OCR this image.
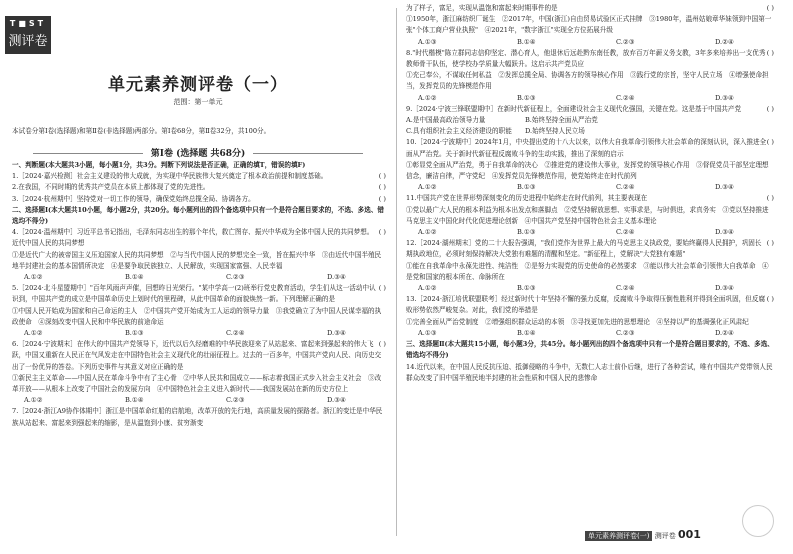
T■ST
测评卷
单元素养测评卷（一）
范围：第一单元
本试卷分第Ⅰ卷(选择题)和第Ⅱ卷(非选择题)两部分。第Ⅰ卷68分，第Ⅱ卷32分，共100分。
第Ⅰ卷 (选择题 共68分)

一、判断题(本大题共3小题，每小题1分，共3分。判断下列说法是否正确，正确的填T，错误的填F)

( )
1.［2024·嘉兴检测］社会主义建设的伟大成就，为实现中华民族伟大复兴奠定了根本政治前提和制度基础。

( )
2.在我国，不同时期的优秀共产党员在本质上都体现了党的先进性。

( )
3.［2024·杭州期中］坚持党对一切工作的领导，确保党始终总揽全局、协调各方。

二、选择题Ⅰ(本大题共10小题，每小题2分，共20分。每小题列出的四个备选项中只有一个是符合题目要求的，不选、多选、错选均不得分)

( )
4.［2024·温州期中］习近平总书记指出，毛泽东同志出生的那个年代，救亡图存、振兴中华成为全体中国人民的共同梦想。近代中国人民的共同梦想

①是近代广大的被帝国主义压迫国家人民的共同梦想　②与当代中国人民的梦想完全一致，旨在振兴中华　③由近代中国半殖民地半封建社会的基本国情所决定　④是要争取民族独立、人民解放，实现国家富强、人民幸福

A.①②	B.①④	C.②③	D.③④

( )
5.［2024·北斗星盟期中］"百年风雨声声催，回想昨日光荣行。"某中学高一(2)班举行党史教育活动，学生们从这一活动中认识到，中国共产党的成立是中国革命历史上划时代的里程碑，从此中国革命的面貌焕然一新。下列理解正确的是

①中国人民开始成为国家和自己命运的主人　②中国共产党开始成为工人运动的领导力量　③我党确立了为中国人民谋幸福的执政使命　④深刻改变中国人民和中华民族的前途命运

A.①②	B.①③	C.②④	D.③④

( )
6.［2024·宁波期末］在伟大的中国共产党领导下，近代以后久经磨难的中华民族迎来了从站起来、富起来到强起来的伟大飞跃，中国又重新在人民正在气风发走在中国特色社会主义现代化的壮丽征程上。过去的一百多年，中国共产党向人民、向历史交出了一份优异的答卷。下列历史事件与其意义对应正确的是

①新民主主义革命——中国人民在革命斗争中有了主心骨　②中华人民共和国成立——标志着我国正式步入社会主义社会　③改革开放——从根本上改变了中国社会的发展方向　④中国特色社会主义进入新时代——我国发展站在新的历史方位上

A.①②	B.①④	C.②③	D.③④

7.［2024·浙江A9协作体期中］浙江是中国革命红船的启航地，改革开放的先行地，高质量发展的探路者。浙江的变迁是中华民族从站起来、富起来到强起来的缩影，是从温饱到小康、贫穷渐变

( )
为了样子，富足，实现从温饱和富起来时期事件的是

①1950年，浙江麻纺织厂诞生　②2017年，中国(浙江)自由贸易试验区正式挂牌　③1980年，温州姑娘章华妹领到中国第一张"个体工商户营业执照"　④2021年，"数字浙江"实现全方位拓展升级

A.①③	B.①④	C.②③	D.②④

( )
8."时代楷模"陈立群同志信仰坚定、潜心育人，他退休后远赴黔东南任教，放弃百万年薪义务支教，3年多来培养出一支优秀教师骨干队伍，使学校办学质量大幅跃升。这启示共产党员应

①充己奉公，不谋取任何私益　②发挥总揽全局、协调各方的领导核心作用　③践行党的宗旨，坚守人民立场　④增强使命担当，发挥党员的先锋模范作用

A.①②	B.①③	C.②④	D.③④

( )
9.［2024·宁波三锋联盟期中］在新时代新征程上，全面建设社会主义现代化强国，关键在党。这是基于中国共产党

A.是中国最高政治领导力量　　　　　　B.始终坚持全面从严治党

C.具有组织社会主义经济建设的职能　　D.始终坚持人民立场

( )
10.［2024·宁波期中］2024年1月，中央提出党的十八大以来，以伟大自我革命引领伟大社会革命的深刻认识，深入推进全面从严治党。关于新时代新征程反腐败斗争的生动实践，推出了深刻的启示

①彰显党全面从严治党，勇于自我革命的决心　②推进党的建设伟大事业，发挥党的领导核心作用　③督促党员干部坚定理想信念，廉洁自律，严守党纪　④发挥党员先锋模范作用，使党始终走在时代前列

A.①②	B.①③	C.②④	D.③④

( )
11.中国共产党在世界形势深刻变化的历史进程中始终走在时代前列，其主要表现在

①党以最广大人民的根本利益为根本出发点和落脚点　②党坚持解放思想、实事求是，与时俱进，求真务实　③党以坚持推进马克思主义中国化时代化促进理论创新　④中国共产党坚持中国特色社会主义基本理论

A.①②	B.①③	C.②④	D.③④

( )
12.［2024·湖州期末］党的二十大报告强调，"我们党作为世界上最大的马克思主义执政党，要始终赢得人民拥护，巩固长期执政地位，必须时刻保持解决大党独有难题的清醒和坚定。"新征程上，党解决"大党独有难题"

①能在自我革命中永葆先进性、纯洁性　②是努力实现党的历史使命的必然要求　③能以伟大社会革命引领伟大自我革命　④是党和国家的根本所在、命脉所在

A.①②	B.①③	C.②④	D.③④

( )
13.［2024·浙江培优联盟联考］经过新时代十年坚持不懈的强力反腐，反腐败斗争取得压倒性胜利并得到全面巩固，但反腐败形势依然严峻复杂。对此，我们党的举措是

①完善全面从严治党制度　②增强组织群众运动的本领　③寻找更加先进的思想理论　④坚持以严的基调强化正风肃纪

A.①③	B.①④	C.②③	D.②④

三、选择题Ⅱ(本大题共15小题，每小题3分，共45分。每小题列出的四个备选项中只有一个是符合题目要求的，不选、多选、错选均不得分)

14.近代以来，在中国人民反抗压迫、抵御侵略的斗争中，无数仁人志士前仆后继，进行了各种尝试，唯有中国共产党带领人民群众改变了旧中国半殖民地半封建的社会性质和中国人民的悲惨命

单元素养测评卷(一) 测评卷 001
